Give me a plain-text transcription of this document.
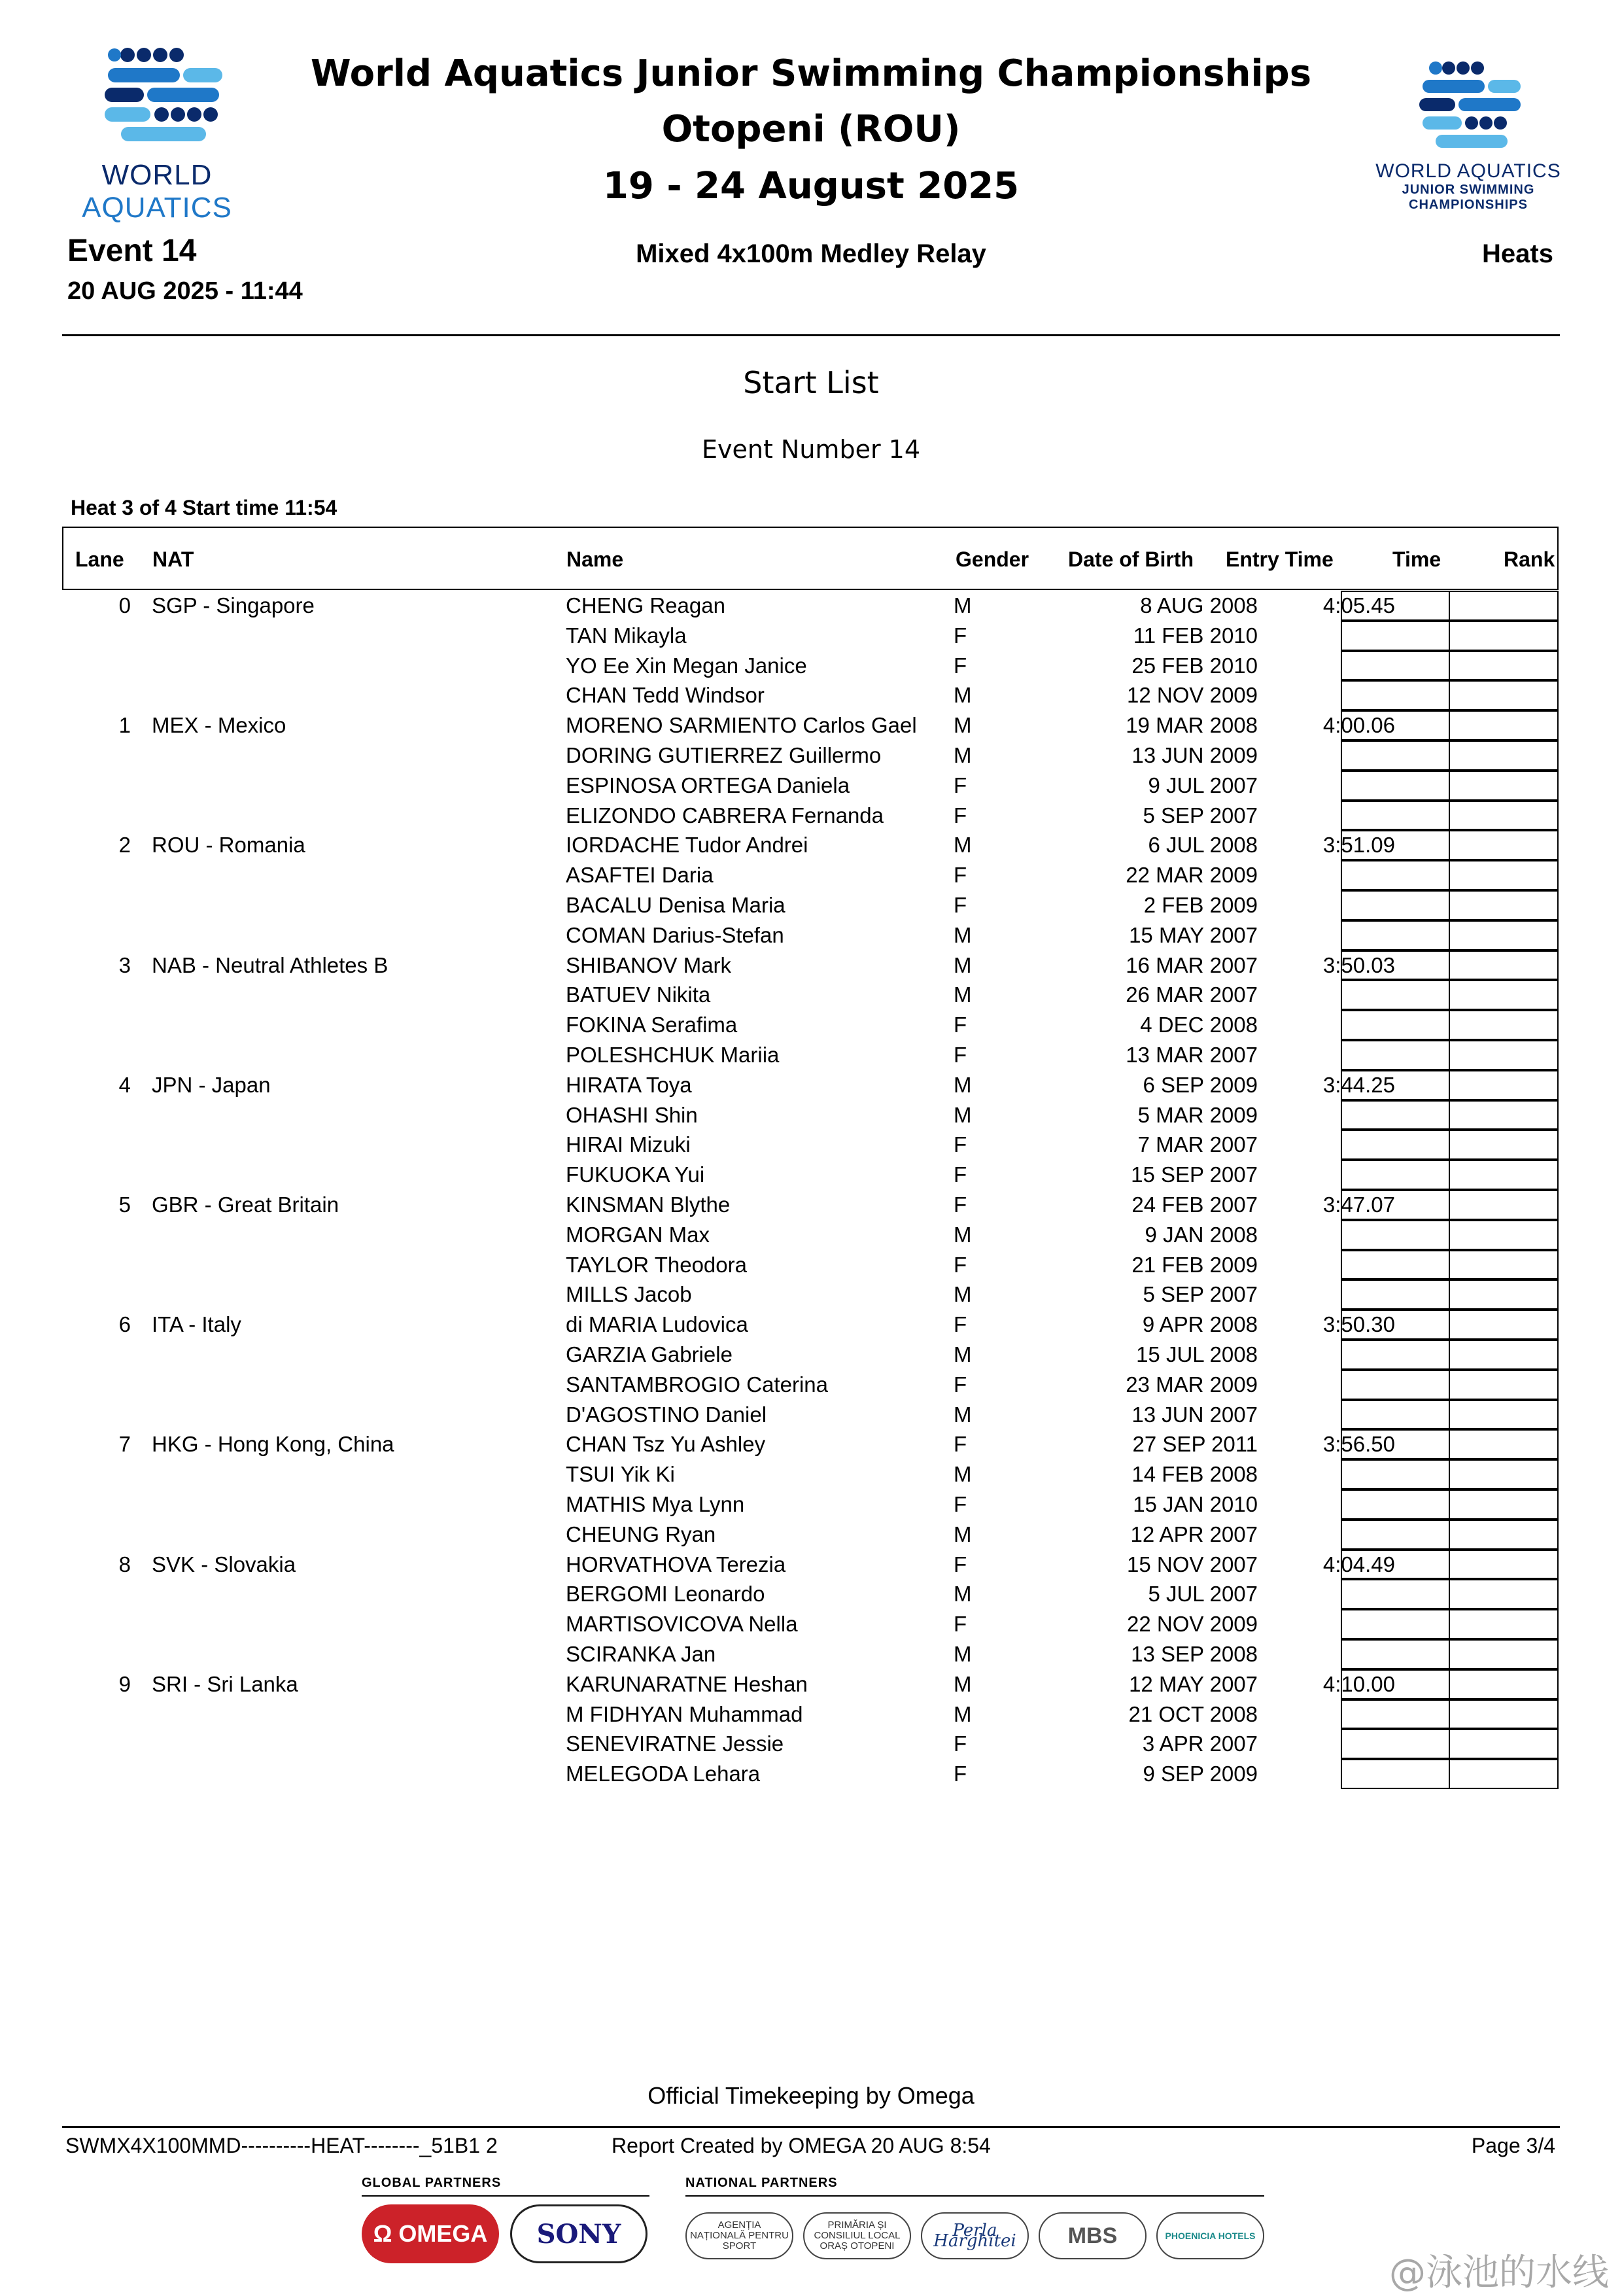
WORLD
AQUATICS
WORLD AQUATICS
JUNIOR SWIMMING
CHAMPIONSHIPS
World Aquatics Junior Swimming Championships
Otopeni (ROU)
19 - 24 August 2025
Event 14
20 AUG 2025 - 11:44
Mixed 4x100m Medley Relay	Heats
Start List
Event Number 14
Heat 3 of 4 Start time 11:54
Lane NAT	Name	Gender Date of Birth Entry Time	Time	Rank
0 SGP - Singapore	CHENG Reagan	M	8 AUG 2008	4:05.45
TAN Mikayla	F	11 FEB 2010
YO Ee Xin Megan Janice	F	25 FEB 2010
CHAN Tedd Windsor	M	12 NOV 2009
1 MEX - Mexico	MORENO SARMIENTO Carlos Gael M	19 MAR 2008	4:00.06
DORING GUTIERREZ Guillermo	M	13 JUN 2009
ESPINOSA ORTEGA Daniela	F	9 JUL 2007
ELIZONDO CABRERA Fernanda	F	5 SEP 2007
2 ROU - Romania	IORDACHE Tudor Andrei	M	6 JUL 2008	3:51.09
ASAFTEI Daria	F	22 MAR 2009
BACALU Denisa Maria	F	2 FEB 2009
COMAN Darius-Stefan	M	15 MAY 2007
3 NAB - Neutral Athletes B	SHIBANOV Mark	M	16 MAR 2007	3:50.03
BATUEV Nikita	M	26 MAR 2007
FOKINA Serafima	F	4 DEC 2008
POLESHCHUK Mariia	F	13 MAR 2007
4 JPN - Japan	HIRATA Toya	M	6 SEP 2009	3:44.25
OHASHI Shin	M	5 MAR 2009
HIRAI Mizuki	F	7 MAR 2007
FUKUOKA Yui	F	15 SEP 2007
5 GBR - Great Britain	KINSMAN Blythe	F	24 FEB 2007	3:47.07
MORGAN Max	M	9 JAN 2008
TAYLOR Theodora	F	21 FEB 2009
MILLS Jacob	M	5 SEP 2007
6 ITA - Italy	di MARIA Ludovica	F	9 APR 2008	3:50.30
GARZIA Gabriele	M	15 JUL 2008
SANTAMBROGIO Caterina	F	23 MAR 2009
D'AGOSTINO Daniel	M	13 JUN 2007
7 HKG - Hong Kong, China	CHAN Tsz Yu Ashley	F	27 SEP 2011	3:56.50
TSUI Yik Ki	M	14 FEB 2008
MATHIS Mya Lynn	F	15 JAN 2010
CHEUNG Ryan	M	12 APR 2007
8 SVK - Slovakia	HORVATHOVA Terezia	F	15 NOV 2007	4:04.49
BERGOMI Leonardo	M	5 JUL 2007
MARTISOVICOVA Nella	F	22 NOV 2009
SCIRANKA Jan	M	13 SEP 2008
9 SRI - Sri Lanka	KARUNARATNE Heshan	M	12 MAY 2007	4:10.00
M FIDHYAN Muhammad	M	21 OCT 2008
SENEVIRATNE Jessie	F	3 APR 2007
MELEGODA Lehara	F	9 SEP 2009
Official Timekeeping by Omega
SWMX4X100MMD----------HEAT--------_51B1 2	Report Created by OMEGA 20 AUG 8:54	Page 3/4
GLOBAL PARTNERS	NATIONAL PARTNERS
Ω OMEGA	SONY	AGENȚIA NAȚIONALĂ PENTRU SPORT
PRIMĂRIA ȘI CONSILIUL LOCAL ORAȘ OTOPENI
Perla Harghitei	MBS	PHOENICIA HOTELS
@泳池的水线
